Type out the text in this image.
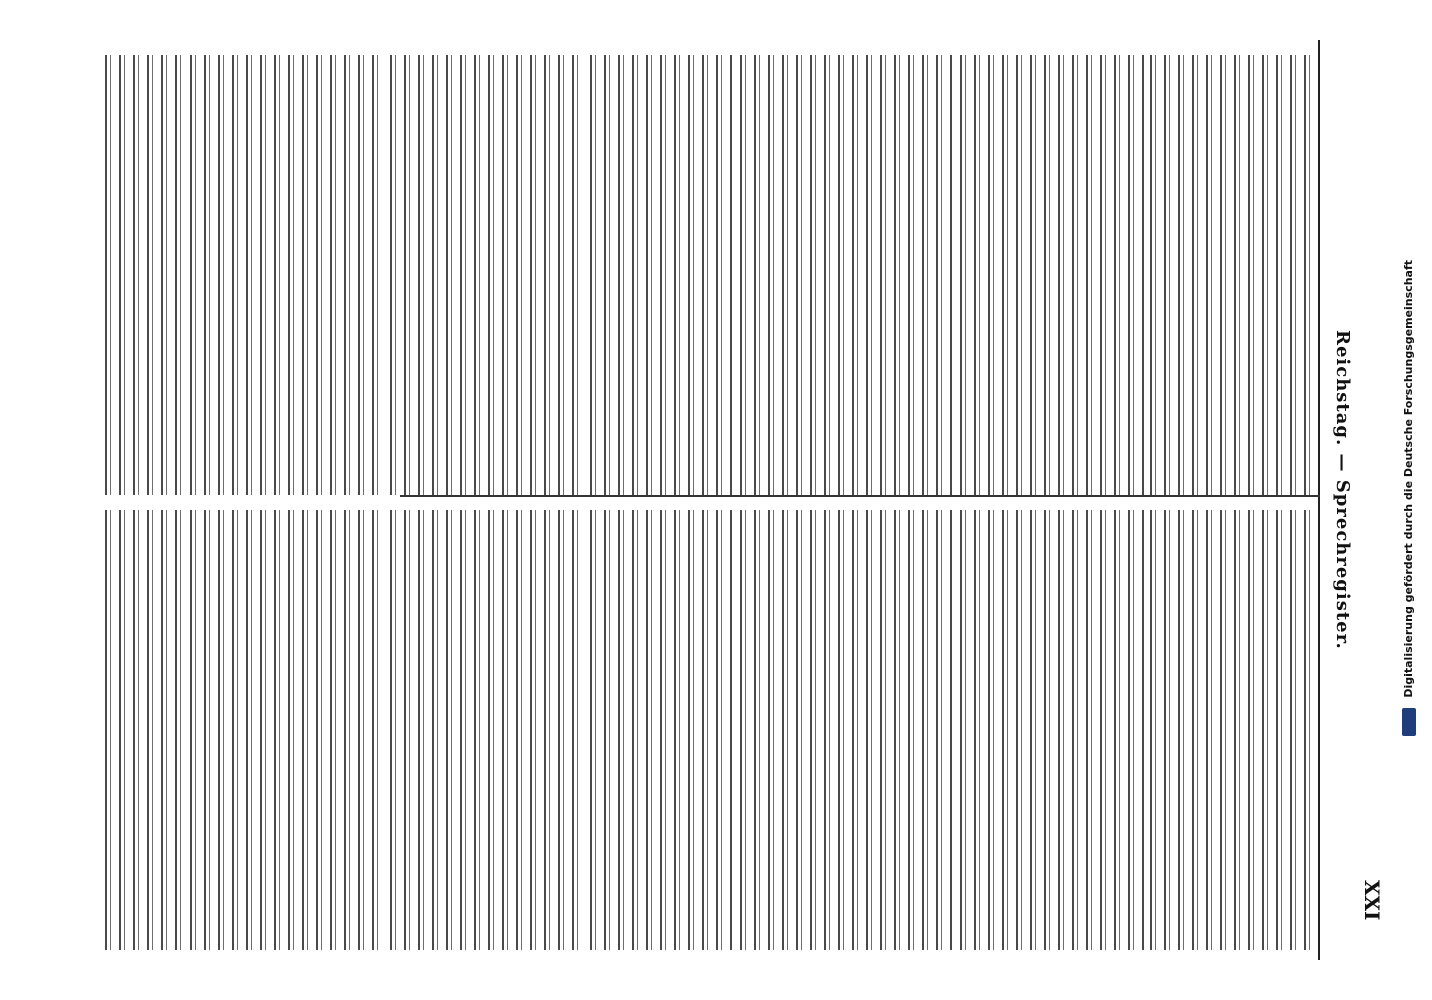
XXI
Reichstag. — Sprechregister.	Digitalisierung gefördert durch die Deutsche Forschungsgemeinschaft
